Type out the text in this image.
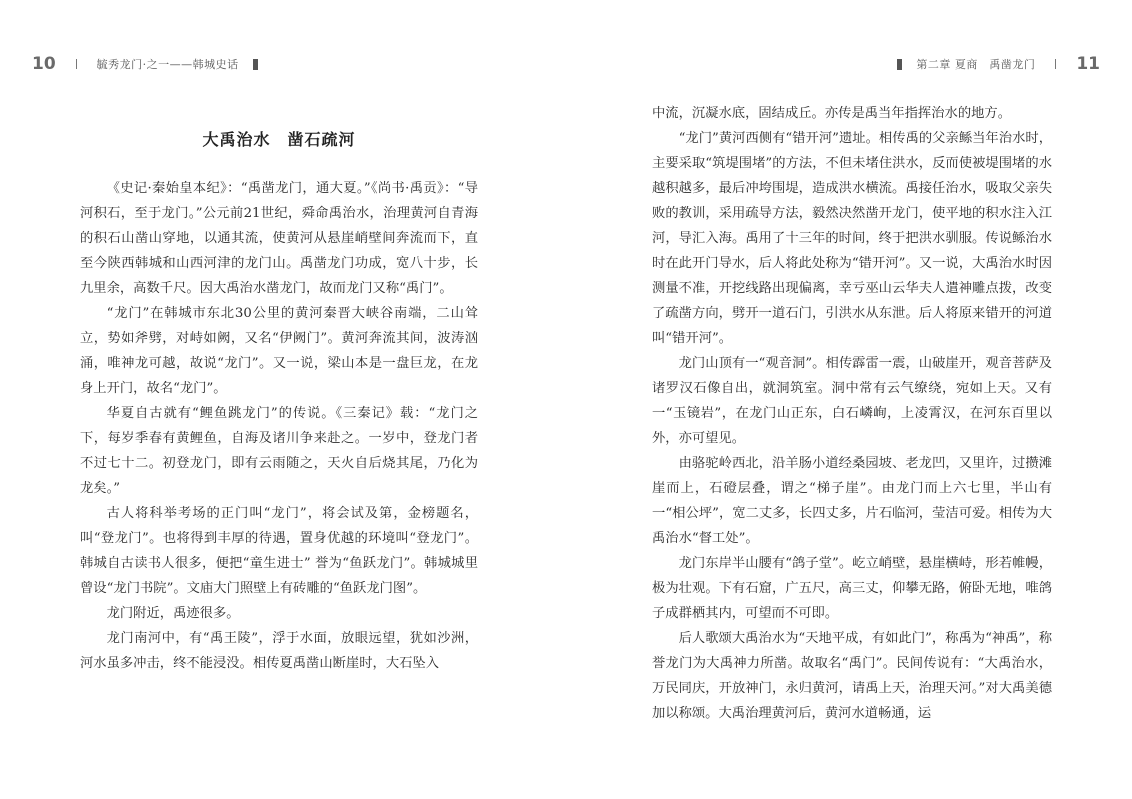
10	毓秀龙门·之一——韩城史话
大禹治水　凿石疏河

《史记·秦始皇本纪》：“禹凿龙门，通大夏。”《尚书·禹贡》：“导河积石，至于龙门。”公元前21世纪，舜命禹治水，治理黄河自青海的积石山凿山穿地，以通其流，使黄河从悬崖峭壁间奔流而下，直至今陕西韩城和山西河津的龙门山。禹凿龙门功成，宽八十步，长九里余，高数千尺。因大禹治水凿龙门，故而龙门又称“禹门”。

“龙门”在韩城市东北30公里的黄河秦晋大峡谷南端，二山耸立，势如斧劈，对峙如阙，又名“伊阙门”。黄河奔流其间，波涛汹涌，唯神龙可越，故说“龙门”。又一说，梁山本是一盘巨龙，在龙身上开门，故名“龙门”。

华夏自古就有“鲤鱼跳龙门”的传说。《三秦记》载：“龙门之下，每岁季春有黄鲤鱼，自海及诸川争来赴之。一岁中，登龙门者不过七十二。初登龙门，即有云雨随之，天火自后烧其尾，乃化为龙矣。”

古人将科举考场的正门叫“龙门”，将会试及第，金榜题名，叫“登龙门”。也将得到丰厚的待遇，置身优越的环境叫“登龙门”。韩城自古读书人很多，便把“童生进士” 誉为“鱼跃龙门”。韩城城里曾设“龙门书院”。文庙大门照壁上有砖雕的“鱼跃龙门图”。

龙门附近，禹迹很多。

龙门南河中，有“禹王陵”，浮于水面，放眼远望，犹如沙洲，河水虽多冲击，终不能浸没。相传夏禹凿山断崖时，大石坠入

第二章 夏商　禹凿龙门 11

中流，沉凝水底，固结成丘。亦传是禹当年指挥治水的地方。

“龙门”黄河西侧有“错开河”遗址。相传禹的父亲鲧当年治水时，主要采取“筑堤围堵”的方法，不但未堵住洪水，反而使被堤围堵的水越积越多，最后冲垮围堤，造成洪水横流。禹接任治水，吸取父亲失败的教训，采用疏导方法，毅然决然凿开龙门，使平地的积水注入江河，导汇入海。禹用了十三年的时间，终于把洪水驯服。传说鲧治水时在此开门导水，后人将此处称为“错开河”。又一说，大禹治水时因测量不准，开挖线路出现偏离，幸亏巫山云华夫人遣神雕点拨，改变了疏凿方向，劈开一道石门，引洪水从东泄。后人将原来错开的河道叫“错开河”。

龙门山顶有一“观音洞”。相传霹雷一震，山破崖开，观音菩萨及诸罗汉石像自出，就洞筑室。洞中常有云气缭绕，宛如上天。又有一“玉镜岩”，在龙门山正东，白石嶙峋，上凌霄汉，在河东百里以外，亦可望见。

由骆驼岭西北，沿羊肠小道经桑园坡、老龙凹，又里许，过攒滩崖而上，石磴层叠，谓之“梯子崖”。由龙门而上六七里，半山有一“相公坪”，宽二丈多，长四丈多，片石临河，莹洁可爱。相传为大禹治水“督工处”。

龙门东岸半山腰有“鸽子堂”。屹立峭壁，悬崖横峙，形若帷幔，极为壮观。下有石窟，广五尺，高三丈，仰攀无路，俯卧无地，唯鸽子成群栖其内，可望而不可即。

后人歌颂大禹治水为“天地平成，有如此门”，称禹为“神禹”，称誉龙门为大禹神力所凿。故取名“禹门”。民间传说有：“大禹治水，万民同庆，开放神门，永归黄河，请禹上天，治理天河。”对大禹美德加以称颂。大禹治理黄河后，黄河水道畅通，运
